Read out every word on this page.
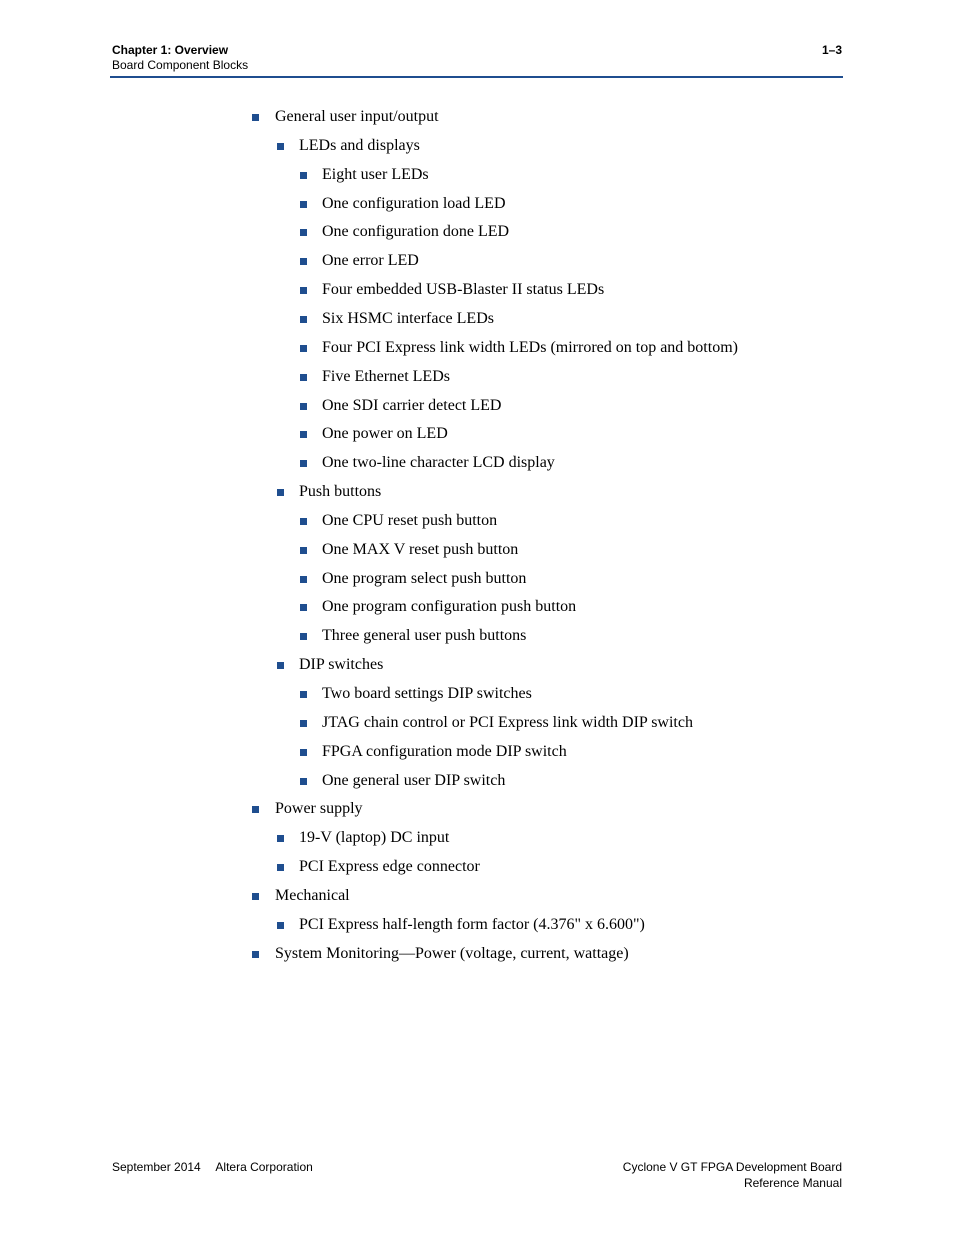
Chapter 1: Overview
Board Component Blocks
1–3
General user input/output
LEDs and displays
Eight user LEDs
One configuration load LED
One configuration done LED
One error LED
Four embedded USB-Blaster II status LEDs
Six HSMC interface LEDs
Four PCI Express link width LEDs (mirrored on top and bottom)
Five Ethernet LEDs
One SDI carrier detect LED
One power on LED
One two-line character LCD display
Push buttons
One CPU reset push button
One MAX V reset push button
One program select push button
One program configuration push button
Three general user push buttons
DIP switches
Two board settings DIP switches
JTAG chain control or PCI Express link width DIP switch
FPGA configuration mode DIP switch
One general user DIP switch
Power supply
19-V (laptop) DC input
PCI Express edge connector
Mechanical
PCI Express half-length form factor (4.376" x 6.600")
System Monitoring—Power (voltage, current, wattage)
September 2014 Altera Corporation	Cyclone V GT FPGA Development Board
Reference Manual
